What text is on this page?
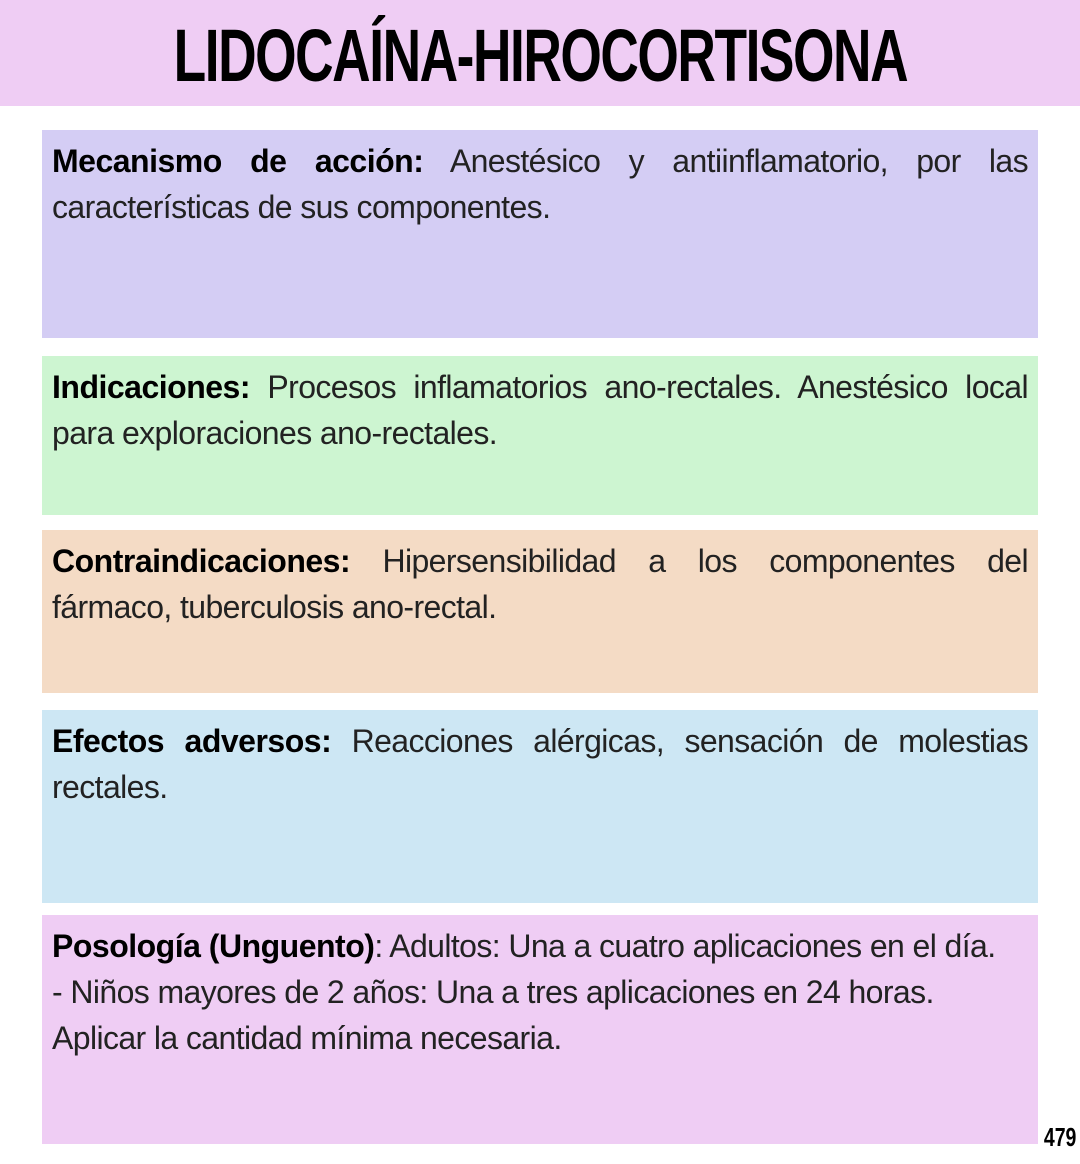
LIDOCAÍNA-HIROCORTISONA

Mecanismo de acción: Anestésico y antiinflamatorio, por las características de sus componentes.

Indicaciones: Procesos inflamatorios ano-rectales. Anestésico local para exploraciones ano-rectales.

Contraindicaciones: Hipersensibilidad a los componentes del fármaco, tuberculosis ano-rectal.

Efectos adversos: Reacciones alérgicas, sensación de molestias rectales.

Posología (Unguento): Adultos: Una a cuatro aplicaciones en el día.

- Niños mayores de 2 años: Una a tres aplicaciones en 24 horas.

Aplicar la cantidad mínima necesaria.

479
